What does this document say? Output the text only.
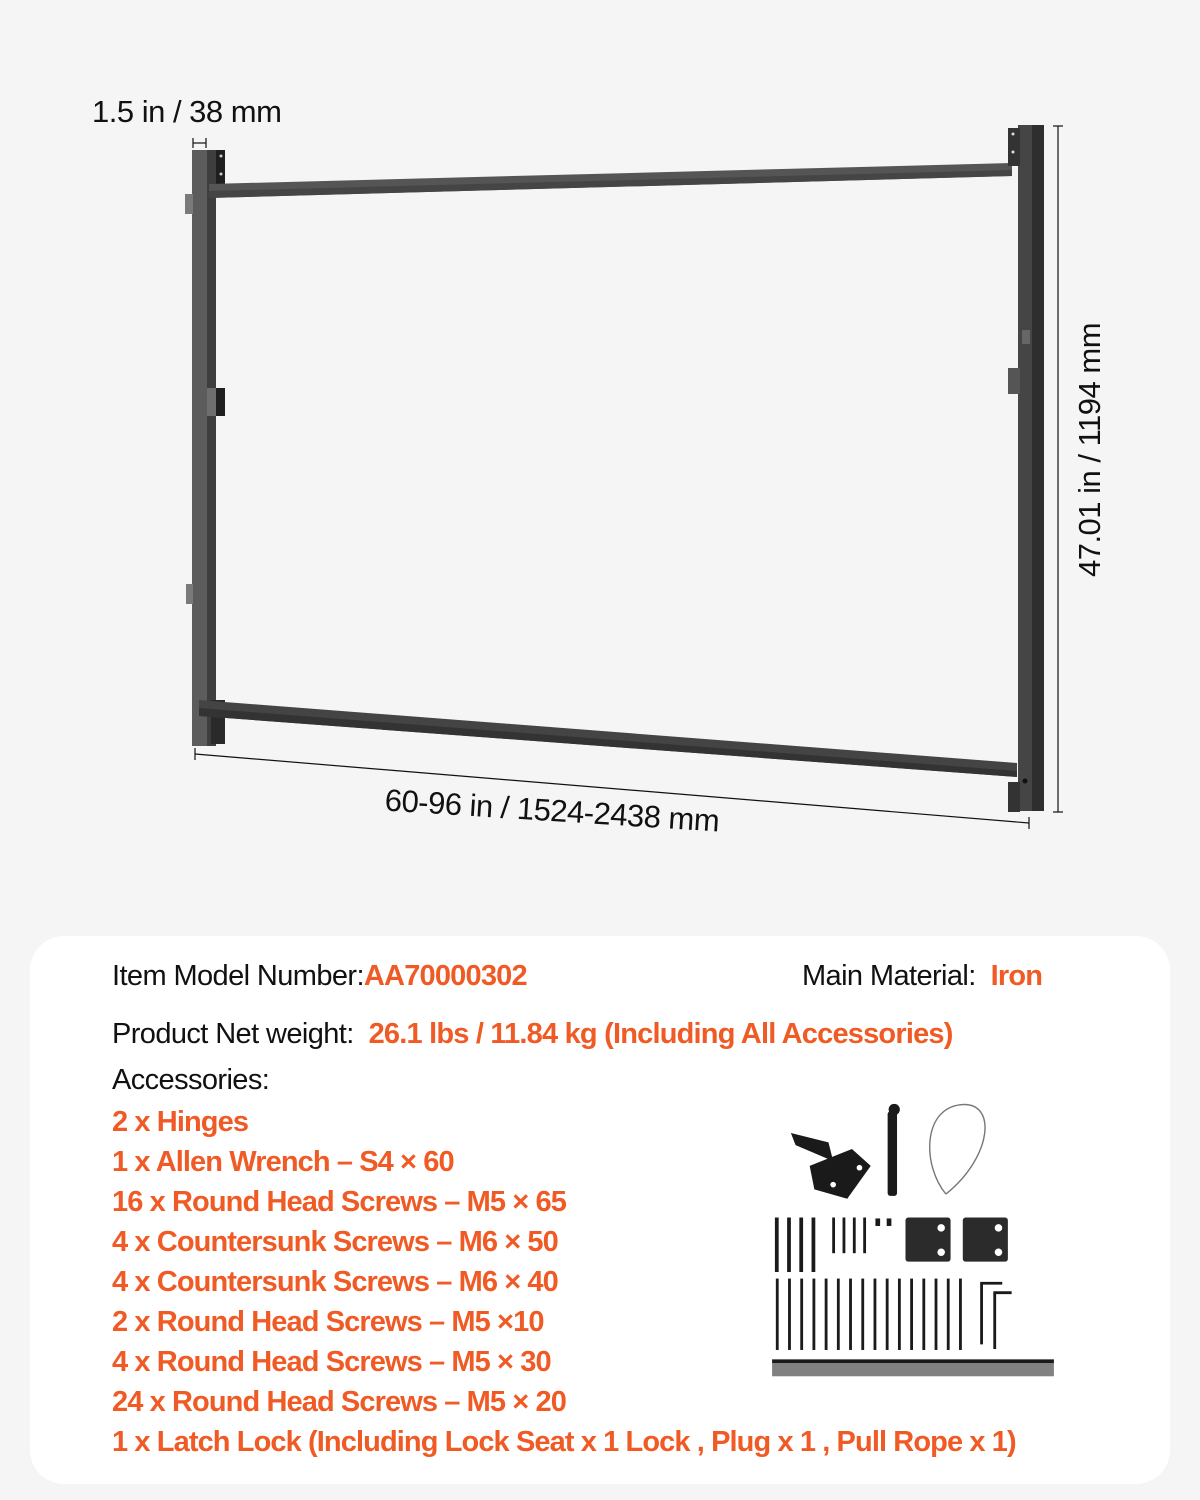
1.5 in / 38 mm
47.01 in / 1194 mm
60-96 in / 1524-2438 mm
Item Model Number:AA70000302	Main Material: Iron
Product Net weight: 26.1 lbs / 11.84 kg (Including All Accessories)
Accessories:
2 x Hinges
1 x Allen Wrench – S4 × 60
16 x Round Head Screws – M5 × 65
4 x Countersunk Screws – M6 × 50
4 x Countersunk Screws – M6 × 40
2 x Round Head Screws – M5 ×10
4 x Round Head Screws – M5 × 30
24 x Round Head Screws – M5 × 20
1 x Latch Lock (Including Lock Seat x 1 Lock , Plug x 1 , Pull Rope x 1)
